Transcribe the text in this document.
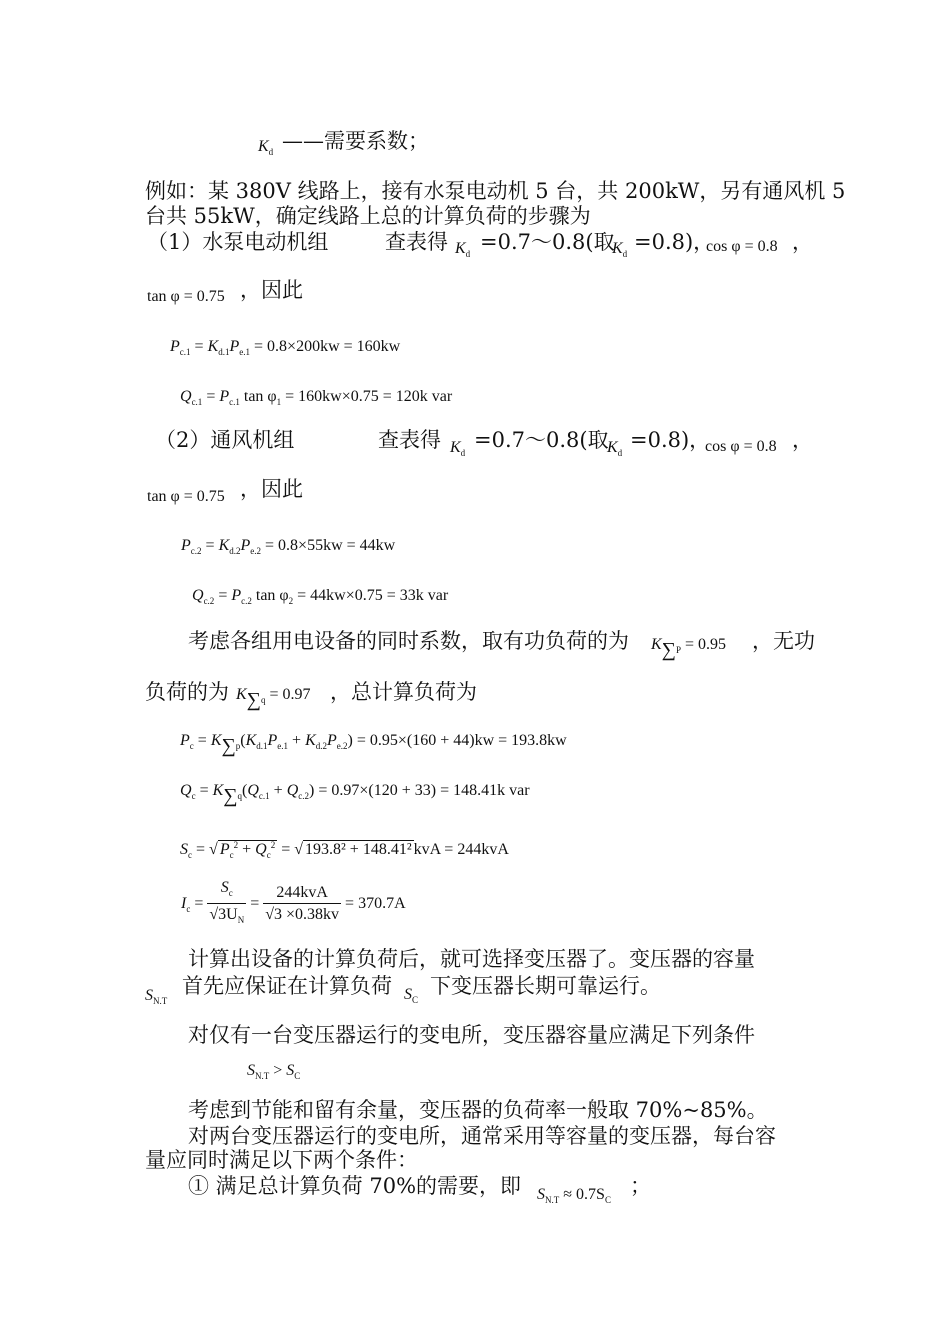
$K_d$ ——需要系数；
例如：某 380V 线路上，接有水泵电动机 5 台，共 200kW，另有通风机 5
台共 55kW，确定线路上总的计算负荷的步骤为
（1）水泵电动机组	查表得 $K_d$ =0.7～0.8(取
$K_d =0.8$)，
cos φ = 0.8 ，
tan φ = 0.75 ，因此
$P_{c.1} = K_{d.1}P_{e.1} = 0.8\times 200kw = 160kw$
$Q_{c.1} = P_{c.1}$ $\tan \varphi_1 = 160kw\times 0.75 = 120k$ var
（2）通风机组	查表得 $K_d$
=0.7～0.8(取
$K_d$
=0.8)，
cos φ = 0.8 ，
tan φ = 0.75 ，因此
$P_{c.2} = K_{d.2}P_{e.2} = 0.8\times 55kw = 44kw$
$Q_{c.2} = P_{c.2}$ $\tan \varphi_2 = 44kw\times 0.75 = 33k$ var
考虑各组用电设备的同时系数，取有功负荷的为 $K\sum_P = 0.95$ ，无功
负荷的为 $K\sum_q = 0.97$ ，总计算负荷为
$P_c = K\sum_p(K_{d.1}P_{e.1} + K_{d.2}P_{e.2}) = 0.95\times(160 + 44)kw = 193.8kw$
$Q_c = K\sum_q(Q_{c.1} + Q_{c.2}) = 0.97\times(120 + 33) = 148.41k$ var
$S_c$ = √ $P_c^2 + Q_c^2$ = √ 193.8² + 148.41² kvA = 244kvA
$I_c = \frac{S_c}{√3U_N} = \frac{\text{244kvA}}{√3 \times 0.38kv} = 370.7A$
计算出设备的计算负荷后，就可选择变压器了。变压器的容量
$S_{N.T}$
首先应保证在计算负荷 $S_C$
下变压器长期可靠运行。
对仅有一台变压器运行的变电所，变压器容量应满足下列条件
$S_{N.T} > S_C$
考虑到节能和留有余量，变压器的负荷率一般取 70%~85%。
对两台变压器运行的变电所，通常采用等容量的变压器，每台容
量应同时满足以下两个条件：
① 满足总计算负荷 70%的需要，即 $S_{N.T} \approx 0.7S_C$
；
